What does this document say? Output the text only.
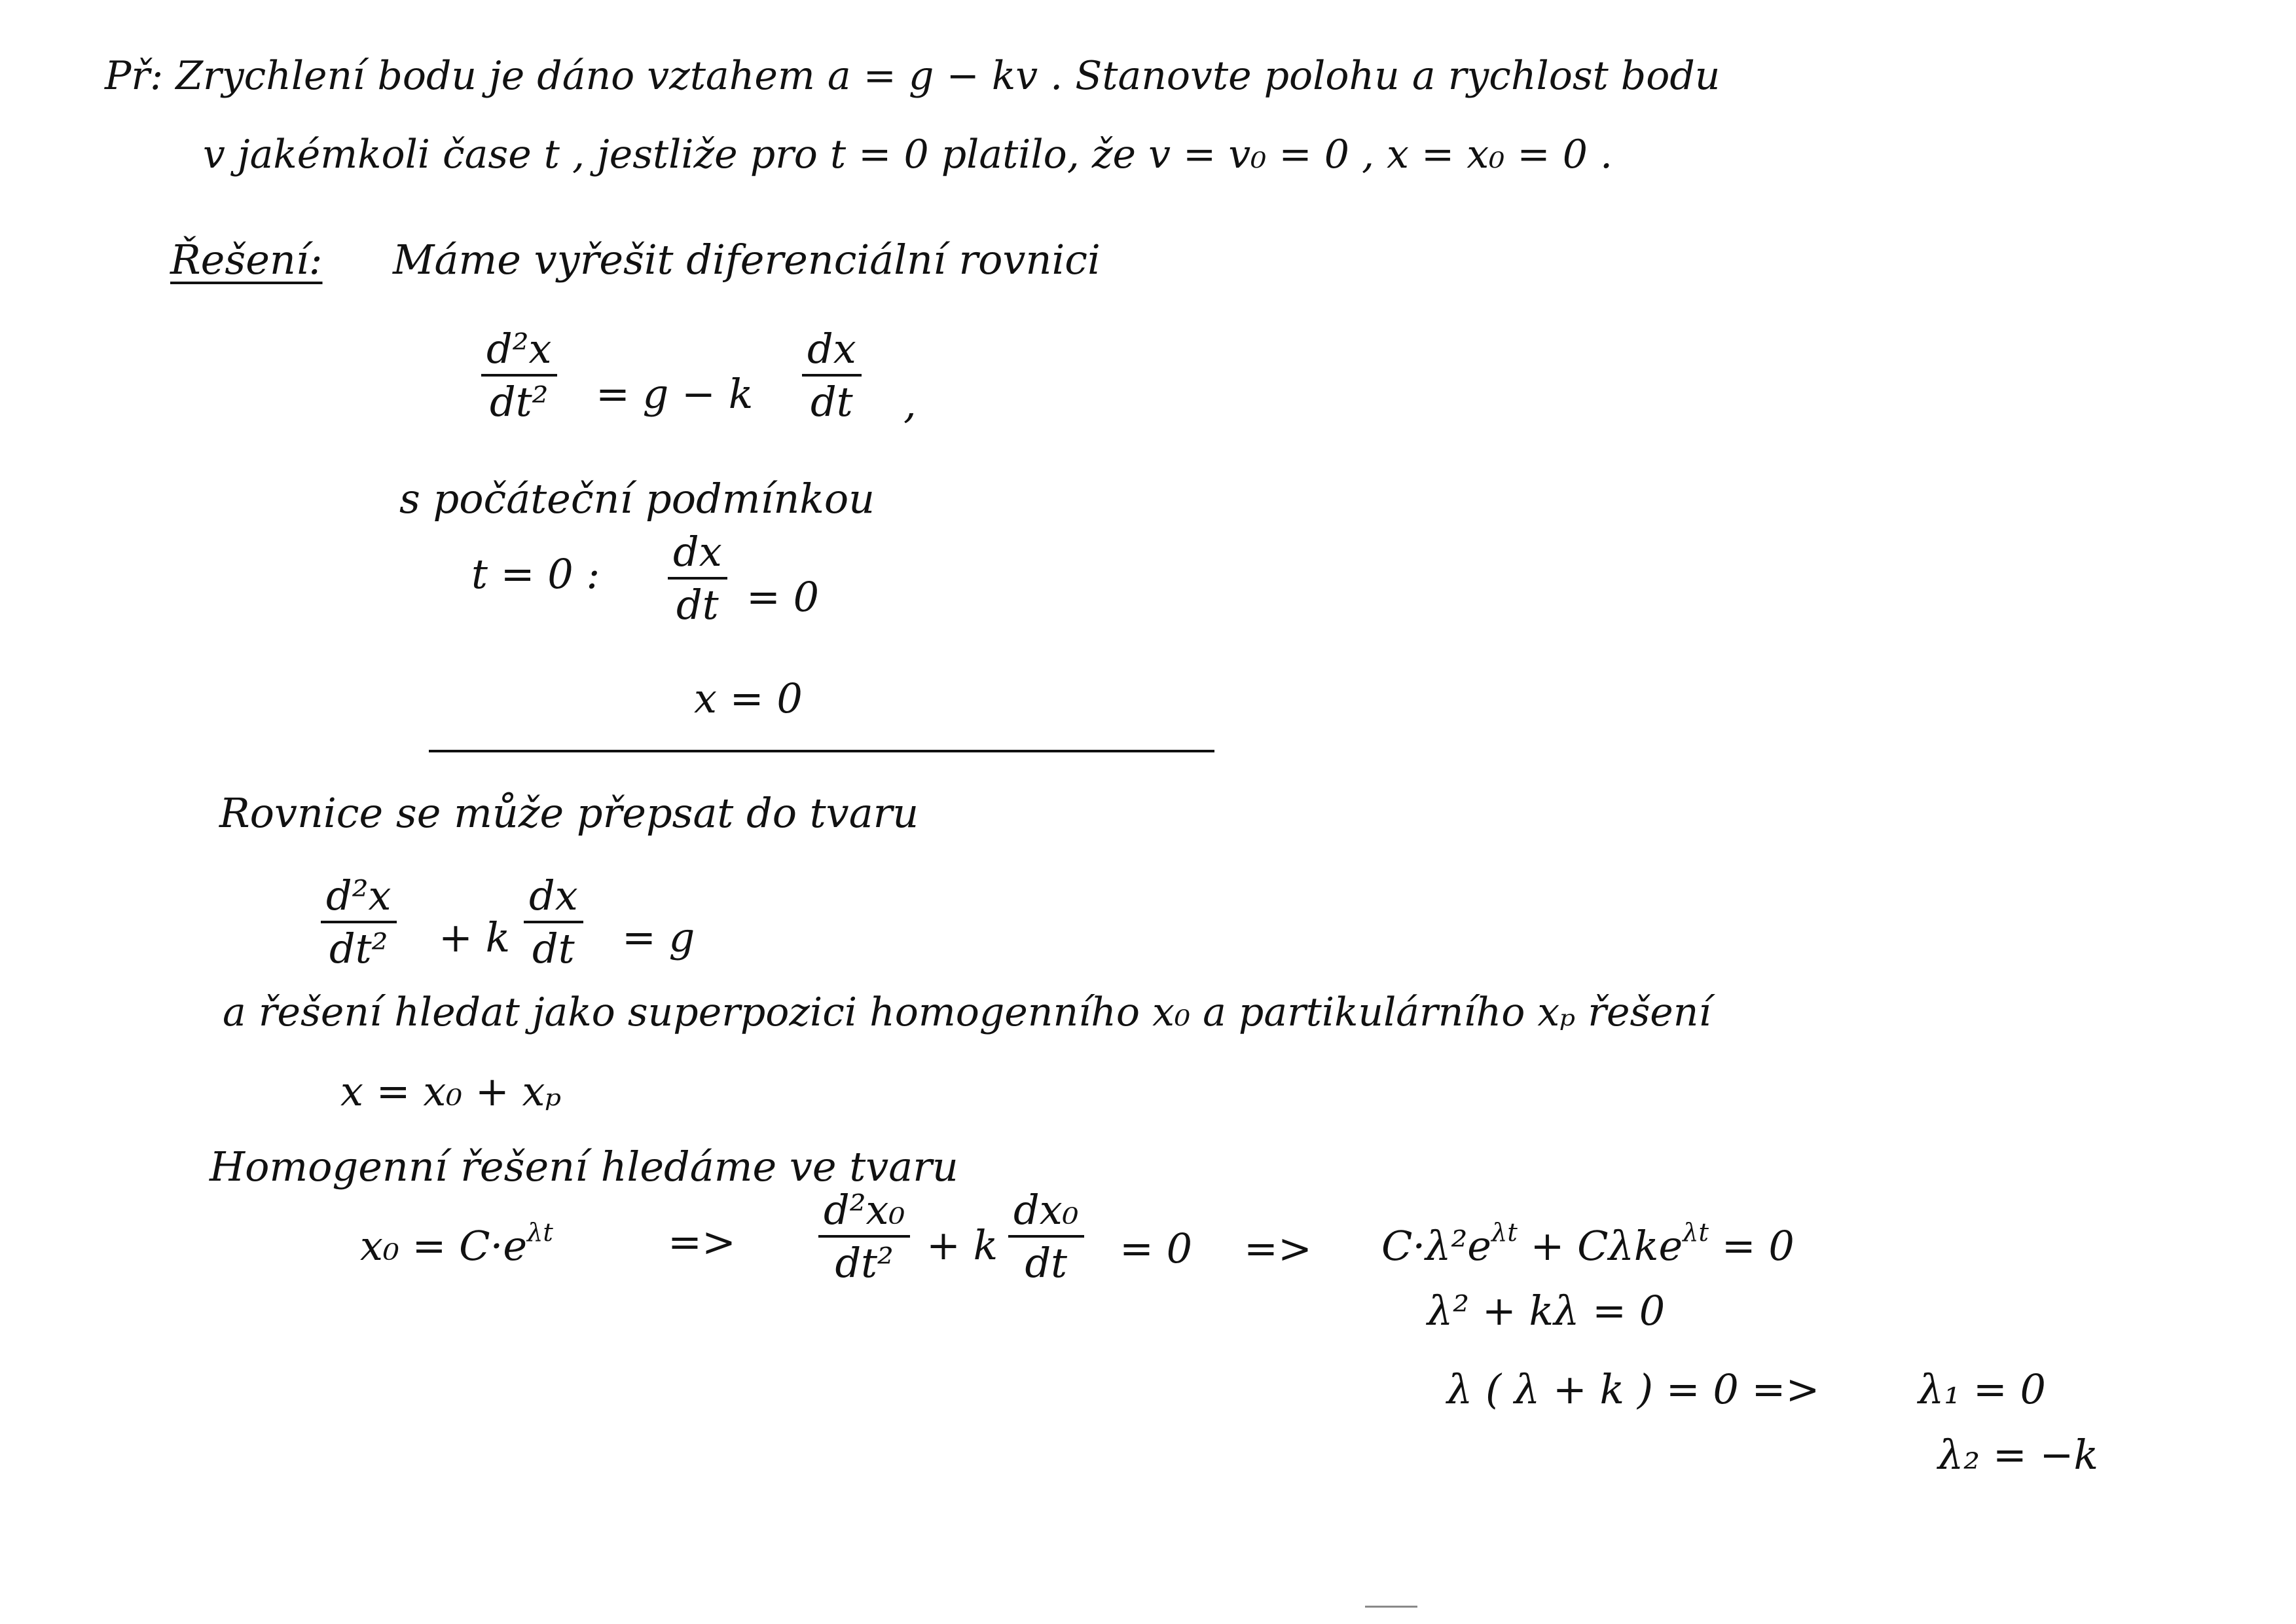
Př: Zrychlení bodu je dáno vztahem a = g − kv . Stanovte polohu a rychlost bodu
v jakémkoli čase t , jestliže pro t = 0 platilo, že v = v₀ = 0 , x = x₀ = 0 .
Řešení: Máme vyřešit diferenciální rovnici
$\frac{\text{d²x}}{\text{dt²}} = g - k \frac{dx}{dt}$ ,
s počáteční podmínkou
t = 0 : $\frac{dx}{dt} = 0$
x = 0
Rovnice se může přepsat do tvaru
$\frac{\text{d²x}}{\text{dt²}} + k \frac{dx}{dt} = g$
a řešení hledat jako superpozici homogenního x₀ a partikulárního xₚ řešení
x = x₀ + xₚ
Homogenní řešení hledáme ve tvaru
$x_0 = C\cdot e^{\lambda t}$	=> $\frac{\text{d²x₀}}{\text{dt²}} + k \frac{\text{dx₀}}{dt} = 0 => C\cdot\lambda^2e^{\lambda t} + C\lambda ke^{\lambda t} = 0$
λ² + kλ = 0
λ ( λ + k ) = 0 => λ₁ = 0
λ₂ = −k
